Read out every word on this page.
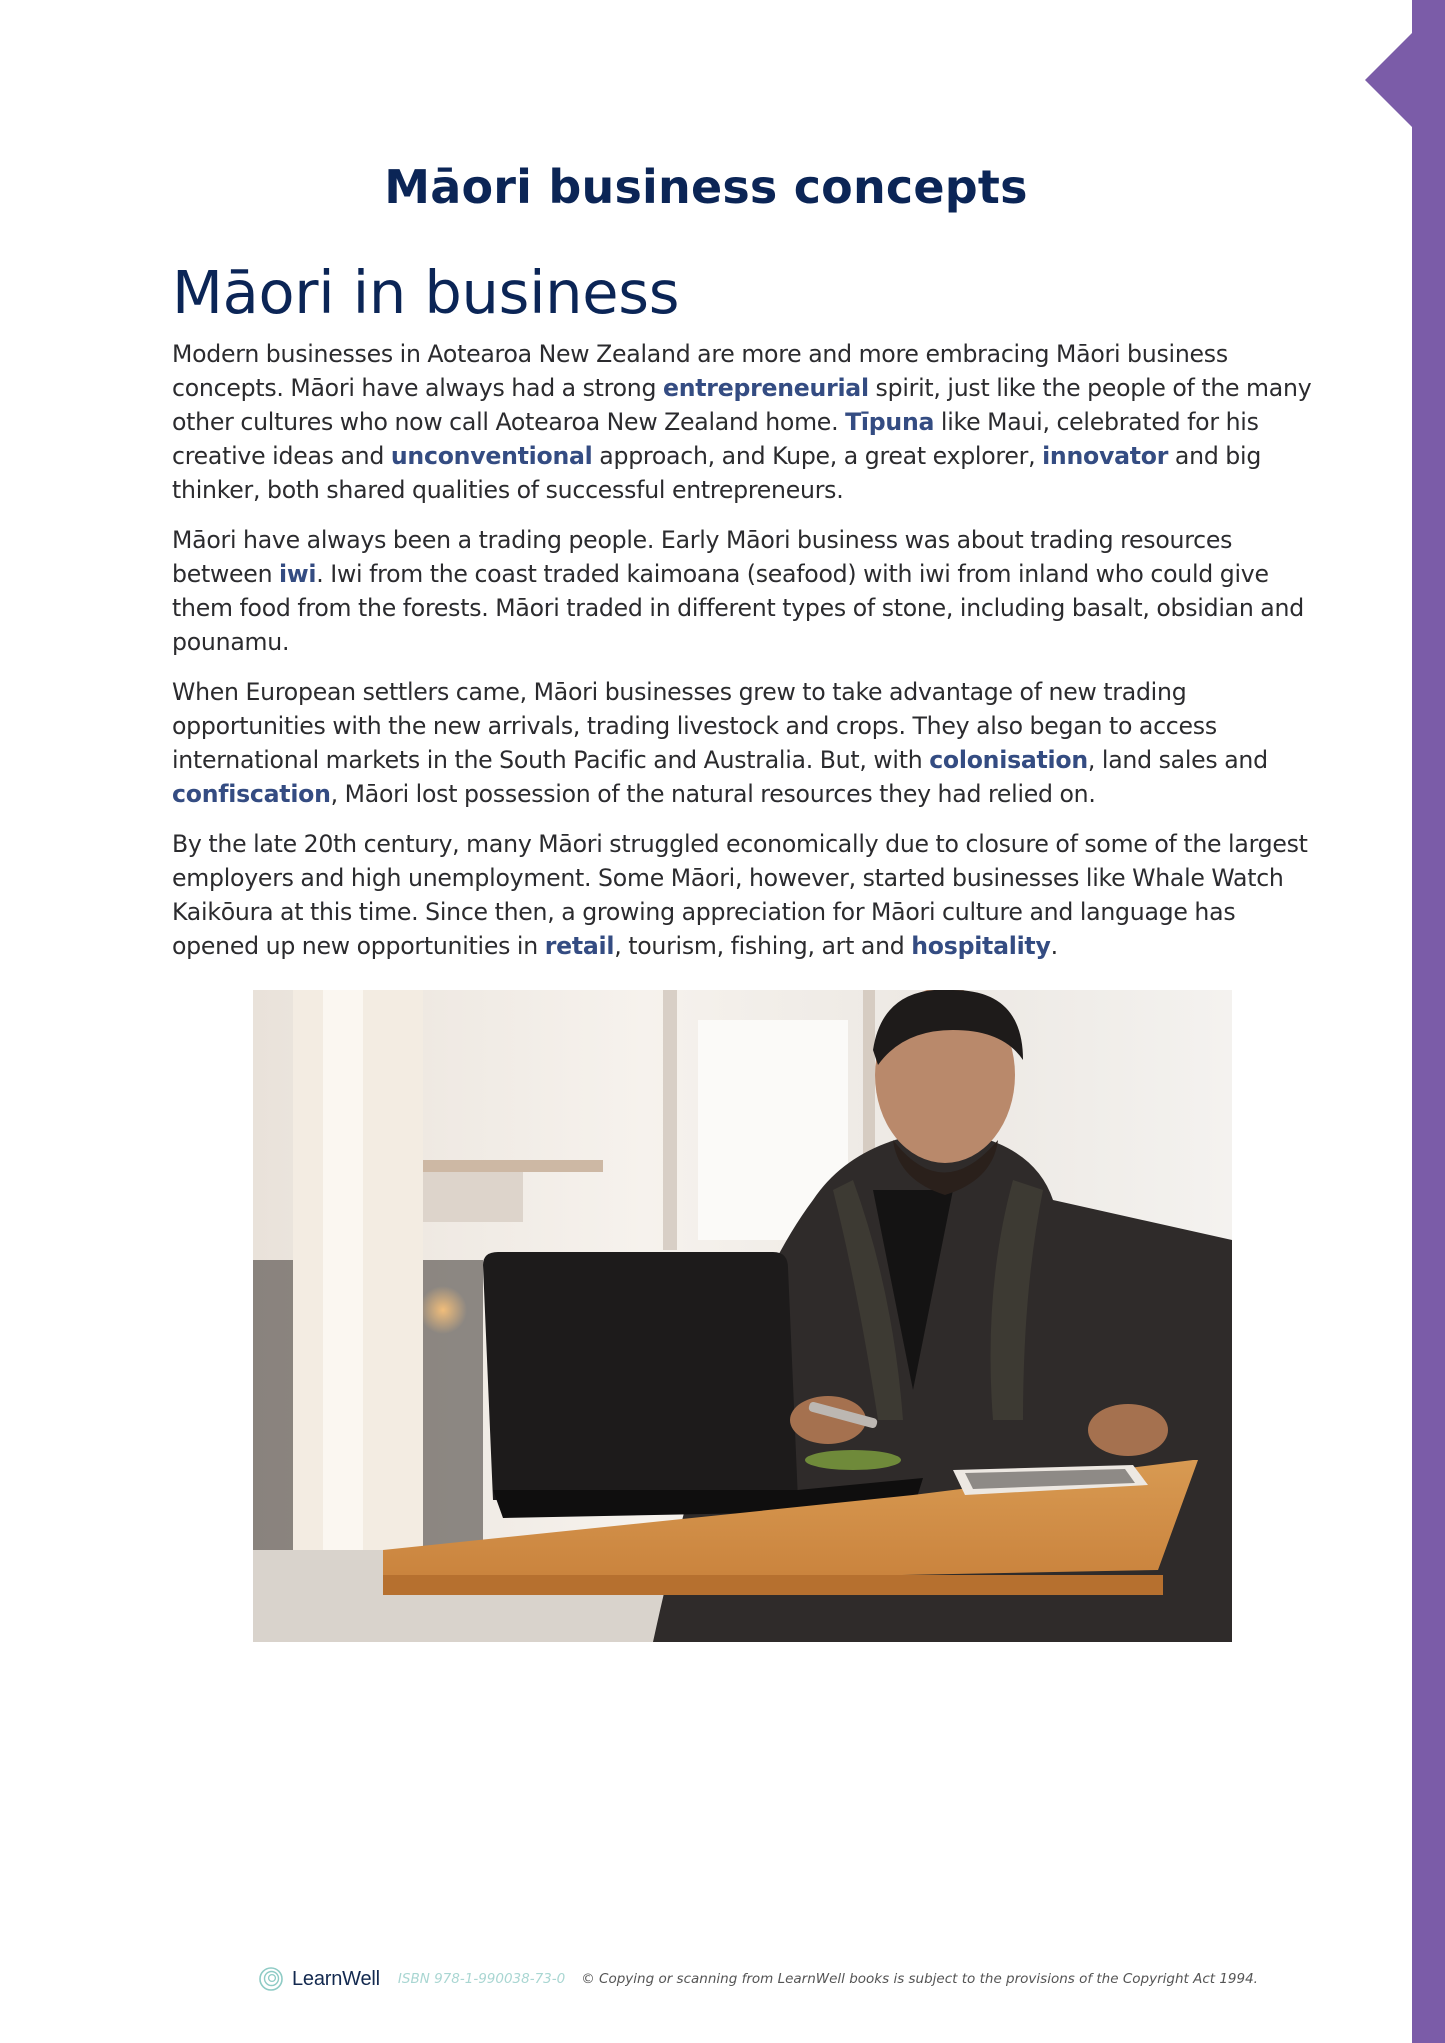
Māori business concepts
Māori in business

Modern businesses in Aotearoa New Zealand are more and more embracing Māori business concepts. Māori have always had a strong entrepreneurial spirit, just like the people of the many other cultures who now call Aotearoa New Zealand home. Tīpuna like Maui, celebrated for his creative ideas and unconventional approach, and Kupe, a great explorer, innovator and big thinker, both shared qualities of successful entrepreneurs.

Māori have always been a trading people. Early Māori business was about trading resources between iwi. Iwi from the coast traded kaimoana (seafood) with iwi from inland who could give them food from the forests. Māori traded in different types of stone, including basalt, obsidian and pounamu.

When European settlers came, Māori businesses grew to take advantage of new trading opportunities with the new arrivals, trading livestock and crops. They also began to access international markets in the South Pacific and Australia. But, with colonisation, land sales and confiscation, Māori lost possession of the natural resources they had relied on.

By the late 20th century, many Māori struggled economically due to closure of some of the largest employers and high unemployment. Some Māori, however, started businesses like Whale Watch Kaikōura at this time. Since then, a growing appreciation for Māori culture and language has opened up new opportunities in retail, tourism, fishing, art and hospitality.

LearnWell ISBN 978-1-990038-73-0 © Copying or scanning from LearnWell books is subject to the provisions of the Copyright Act 1994.
